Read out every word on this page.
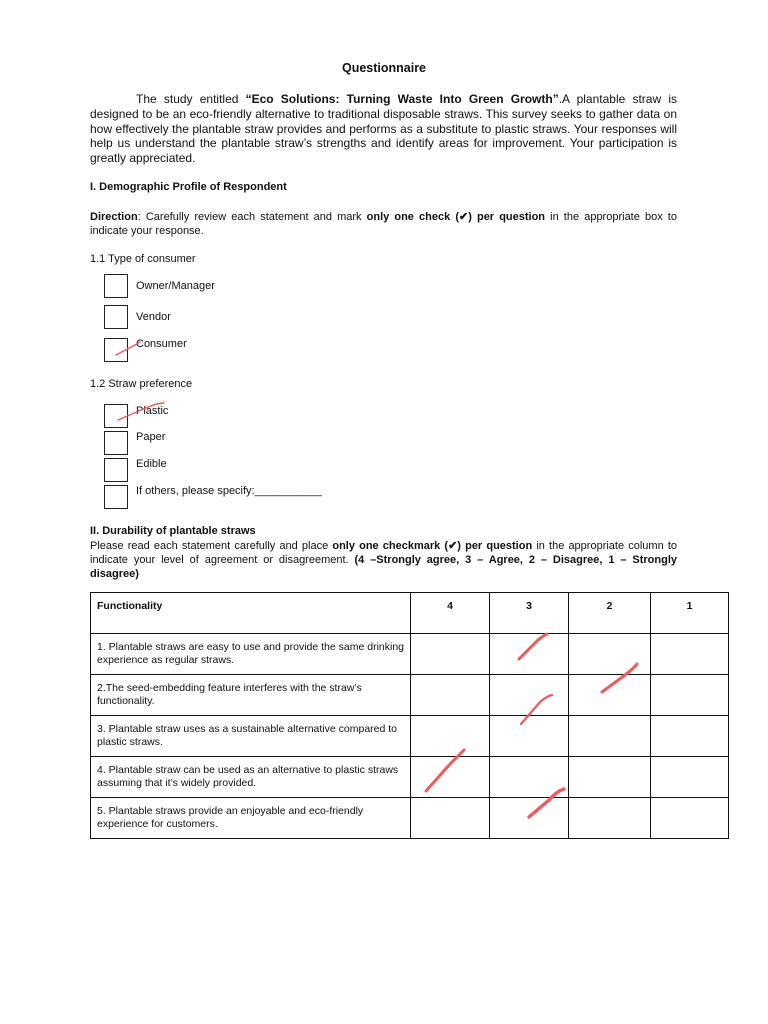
Questionnaire
The study entitled “Eco Solutions: Turning Waste Into Green Growth”.A plantable straw is designed to be an eco-friendly alternative to traditional disposable straws. This survey seeks to gather data on how effectively the plantable straw provides and performs as a substitute to plastic straws. Your responses will help us understand the plantable straw’s strengths and identify areas for improvement. Your participation is greatly appreciated.
I. Demographic Profile of Respondent
Direction: Carefully review each statement and mark only one check (✔) per question in the appropriate box to indicate your response.
1.1 Type of consumer
Owner/Manager
Vendor
Consumer
1.2 Straw preference
Plastic
Paper
Edible
If others, please specify:___________
II. Durability of plantable straws
Please read each statement carefully and place only one checkmark (✔) per question in the appropriate column to indicate your level of agreement or disagreement. (4 –Strongly agree, 3 – Agree, 2 – Disagree, 1 – Strongly disagree)
Functionality	4	3	2	1
1. Plantable straws are easy to use and provide the same drinking experience as regular straws.				
2.The seed-embedding feature interferes with the straw’s functionality.				
3. Plantable straw uses as a sustainable alternative compared to plastic straws.				
4. Plantable straw can be used as an alternative to plastic straws assuming that it’s widely provided.				
5. Plantable straws provide an enjoyable and eco-friendly experience for customers.				
